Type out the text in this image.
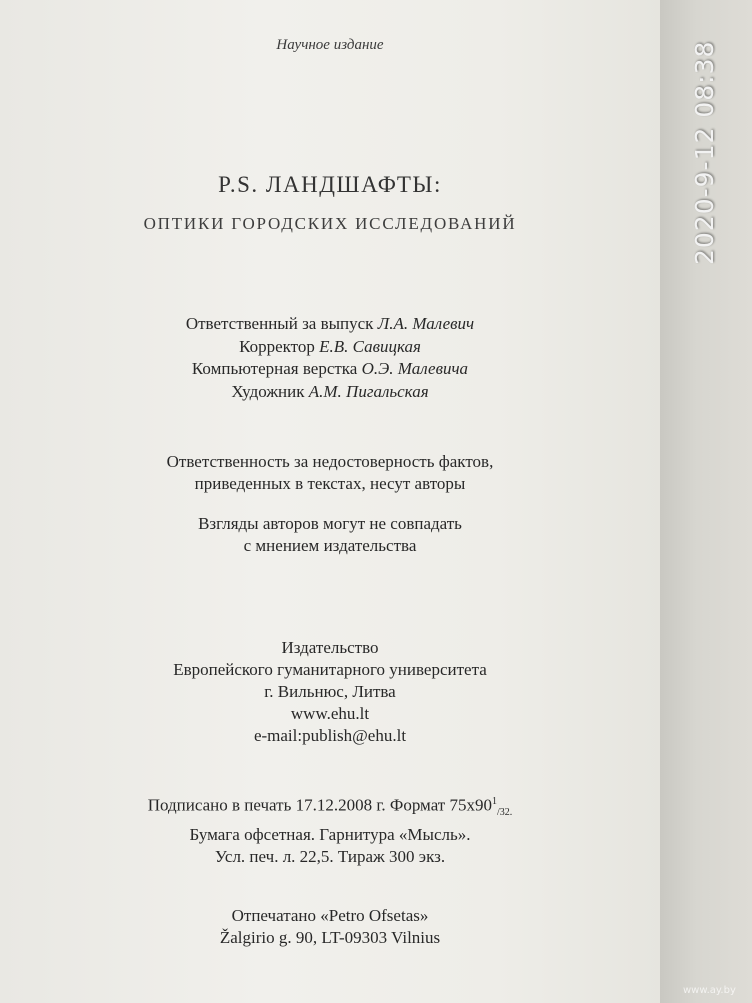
Научное издание
P.S. ЛАНДШАФТЫ:
ОПТИКИ ГОРОДСКИХ ИССЛЕДОВАНИЙ
Ответственный за выпуск Л.А. Малевич
Корректор Е.В. Савицкая
Компьютерная верстка О.Э. Малевича
Художник А.М. Пигальская
Ответственность за недостоверность фактов,
приведенных в текстах, несут авторы
Взгляды авторов могут не совпадать
с мнением издательства
Издательство
Европейского гуманитарного университета
г. Вильнюс, Литва
www.ehu.lt
e-mail:publish@ehu.lt
Подписано в печать 17.12.2008 г. Формат $75х90^1_{/32.}$
Бумага офсетная. Гарнитура «Мысль».
Усл. печ. л. 22,5. Тираж 300 экз.
Отпечатано «Petro Ofsetas»
Žalgirio g. 90, LT-09303 Vilnius
2020-9-12 08:38
www.ay.by
